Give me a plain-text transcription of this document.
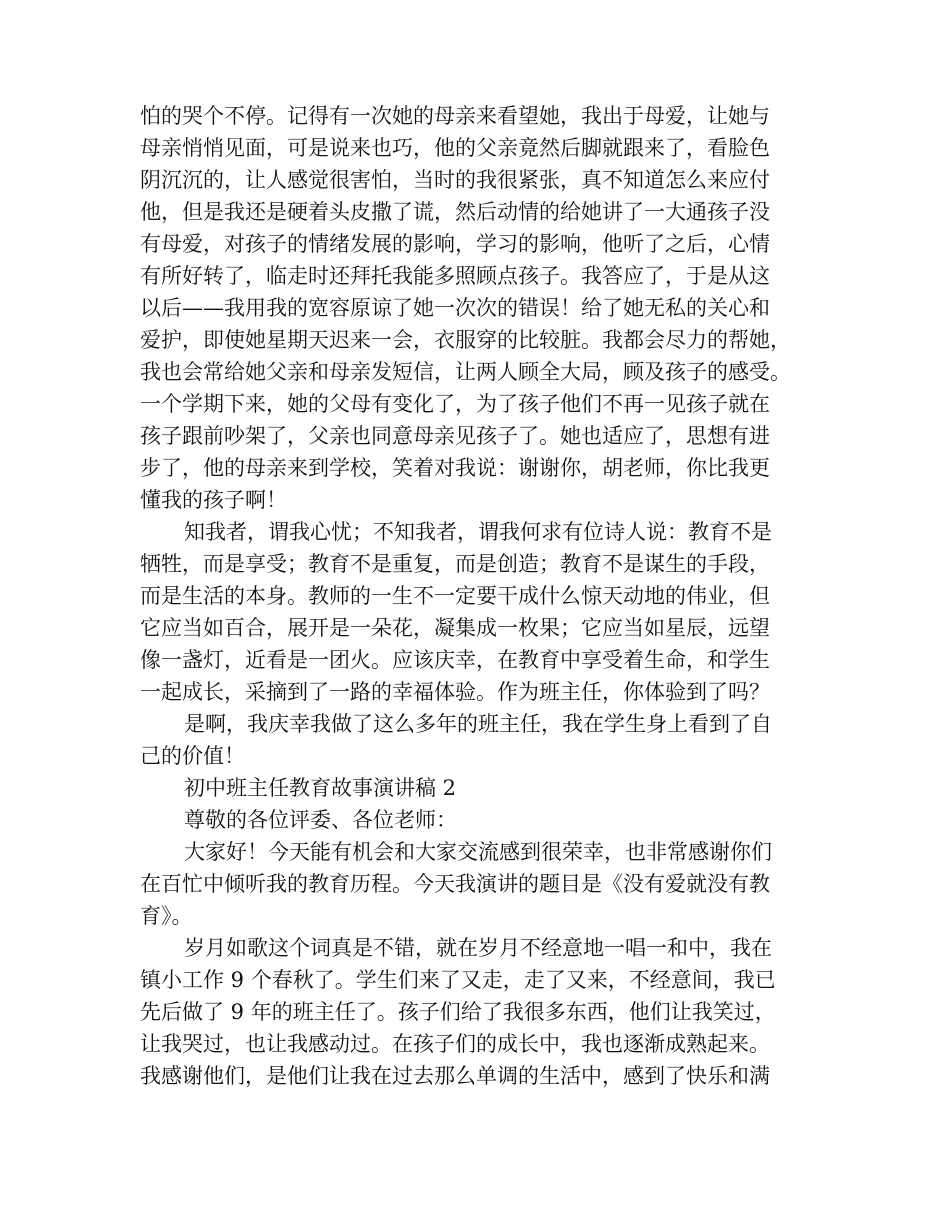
怕的哭个不停。记得有一次她的母亲来看望她，我出于母爱，让她与
母亲悄悄见面，可是说来也巧，他的父亲竟然后脚就跟来了，看脸色
阴沉沉的，让人感觉很害怕，当时的我很紧张，真不知道怎么来应付
他，但是我还是硬着头皮撒了谎，然后动情的给她讲了一大通孩子没
有母爱，对孩子的情绪发展的影响，学习的影响，他听了之后，心情
有所好转了，临走时还拜托我能多照顾点孩子。我答应了，于是从这
以后——我用我的宽容原谅了她一次次的错误！给了她无私的关心和
爱护，即使她星期天迟来一会，衣服穿的比较脏。我都会尽力的帮她，
我也会常给她父亲和母亲发短信，让两人顾全大局，顾及孩子的感受。
一个学期下来，她的父母有变化了，为了孩子他们不再一见孩子就在
孩子跟前吵架了，父亲也同意母亲见孩子了。她也适应了，思想有进
步了，他的母亲来到学校，笑着对我说：谢谢你，胡老师，你比我更
懂我的孩子啊！
知我者，谓我心忧；不知我者，谓我何求有位诗人说：教育不是
牺牲，而是享受；教育不是重复，而是创造；教育不是谋生的手段，
而是生活的本身。教师的一生不一定要干成什么惊天动地的伟业，但
它应当如百合，展开是一朵花，凝集成一枚果；它应当如星辰，远望
像一盏灯，近看是一团火。应该庆幸，在教育中享受着生命，和学生
一起成长，采摘到了一路的幸福体验。作为班主任，你体验到了吗？
是啊，我庆幸我做了这么多年的班主任，我在学生身上看到了自
己的价值！
初中班主任教育故事演讲稿 2
尊敬的各位评委、各位老师：
大家好！今天能有机会和大家交流感到很荣幸，也非常感谢你们
在百忙中倾听我的教育历程。今天我演讲的题目是《没有爱就没有教
育》。
岁月如歌这个词真是不错，就在岁月不经意地一唱一和中，我在
镇小工作 9 个春秋了。学生们来了又走，走了又来，不经意间，我已
先后做了 9 年的班主任了。孩子们给了我很多东西，他们让我笑过，
让我哭过，也让我感动过。在孩子们的成长中，我也逐渐成熟起来。
我感谢他们，是他们让我在过去那么单调的生活中，感到了快乐和满
